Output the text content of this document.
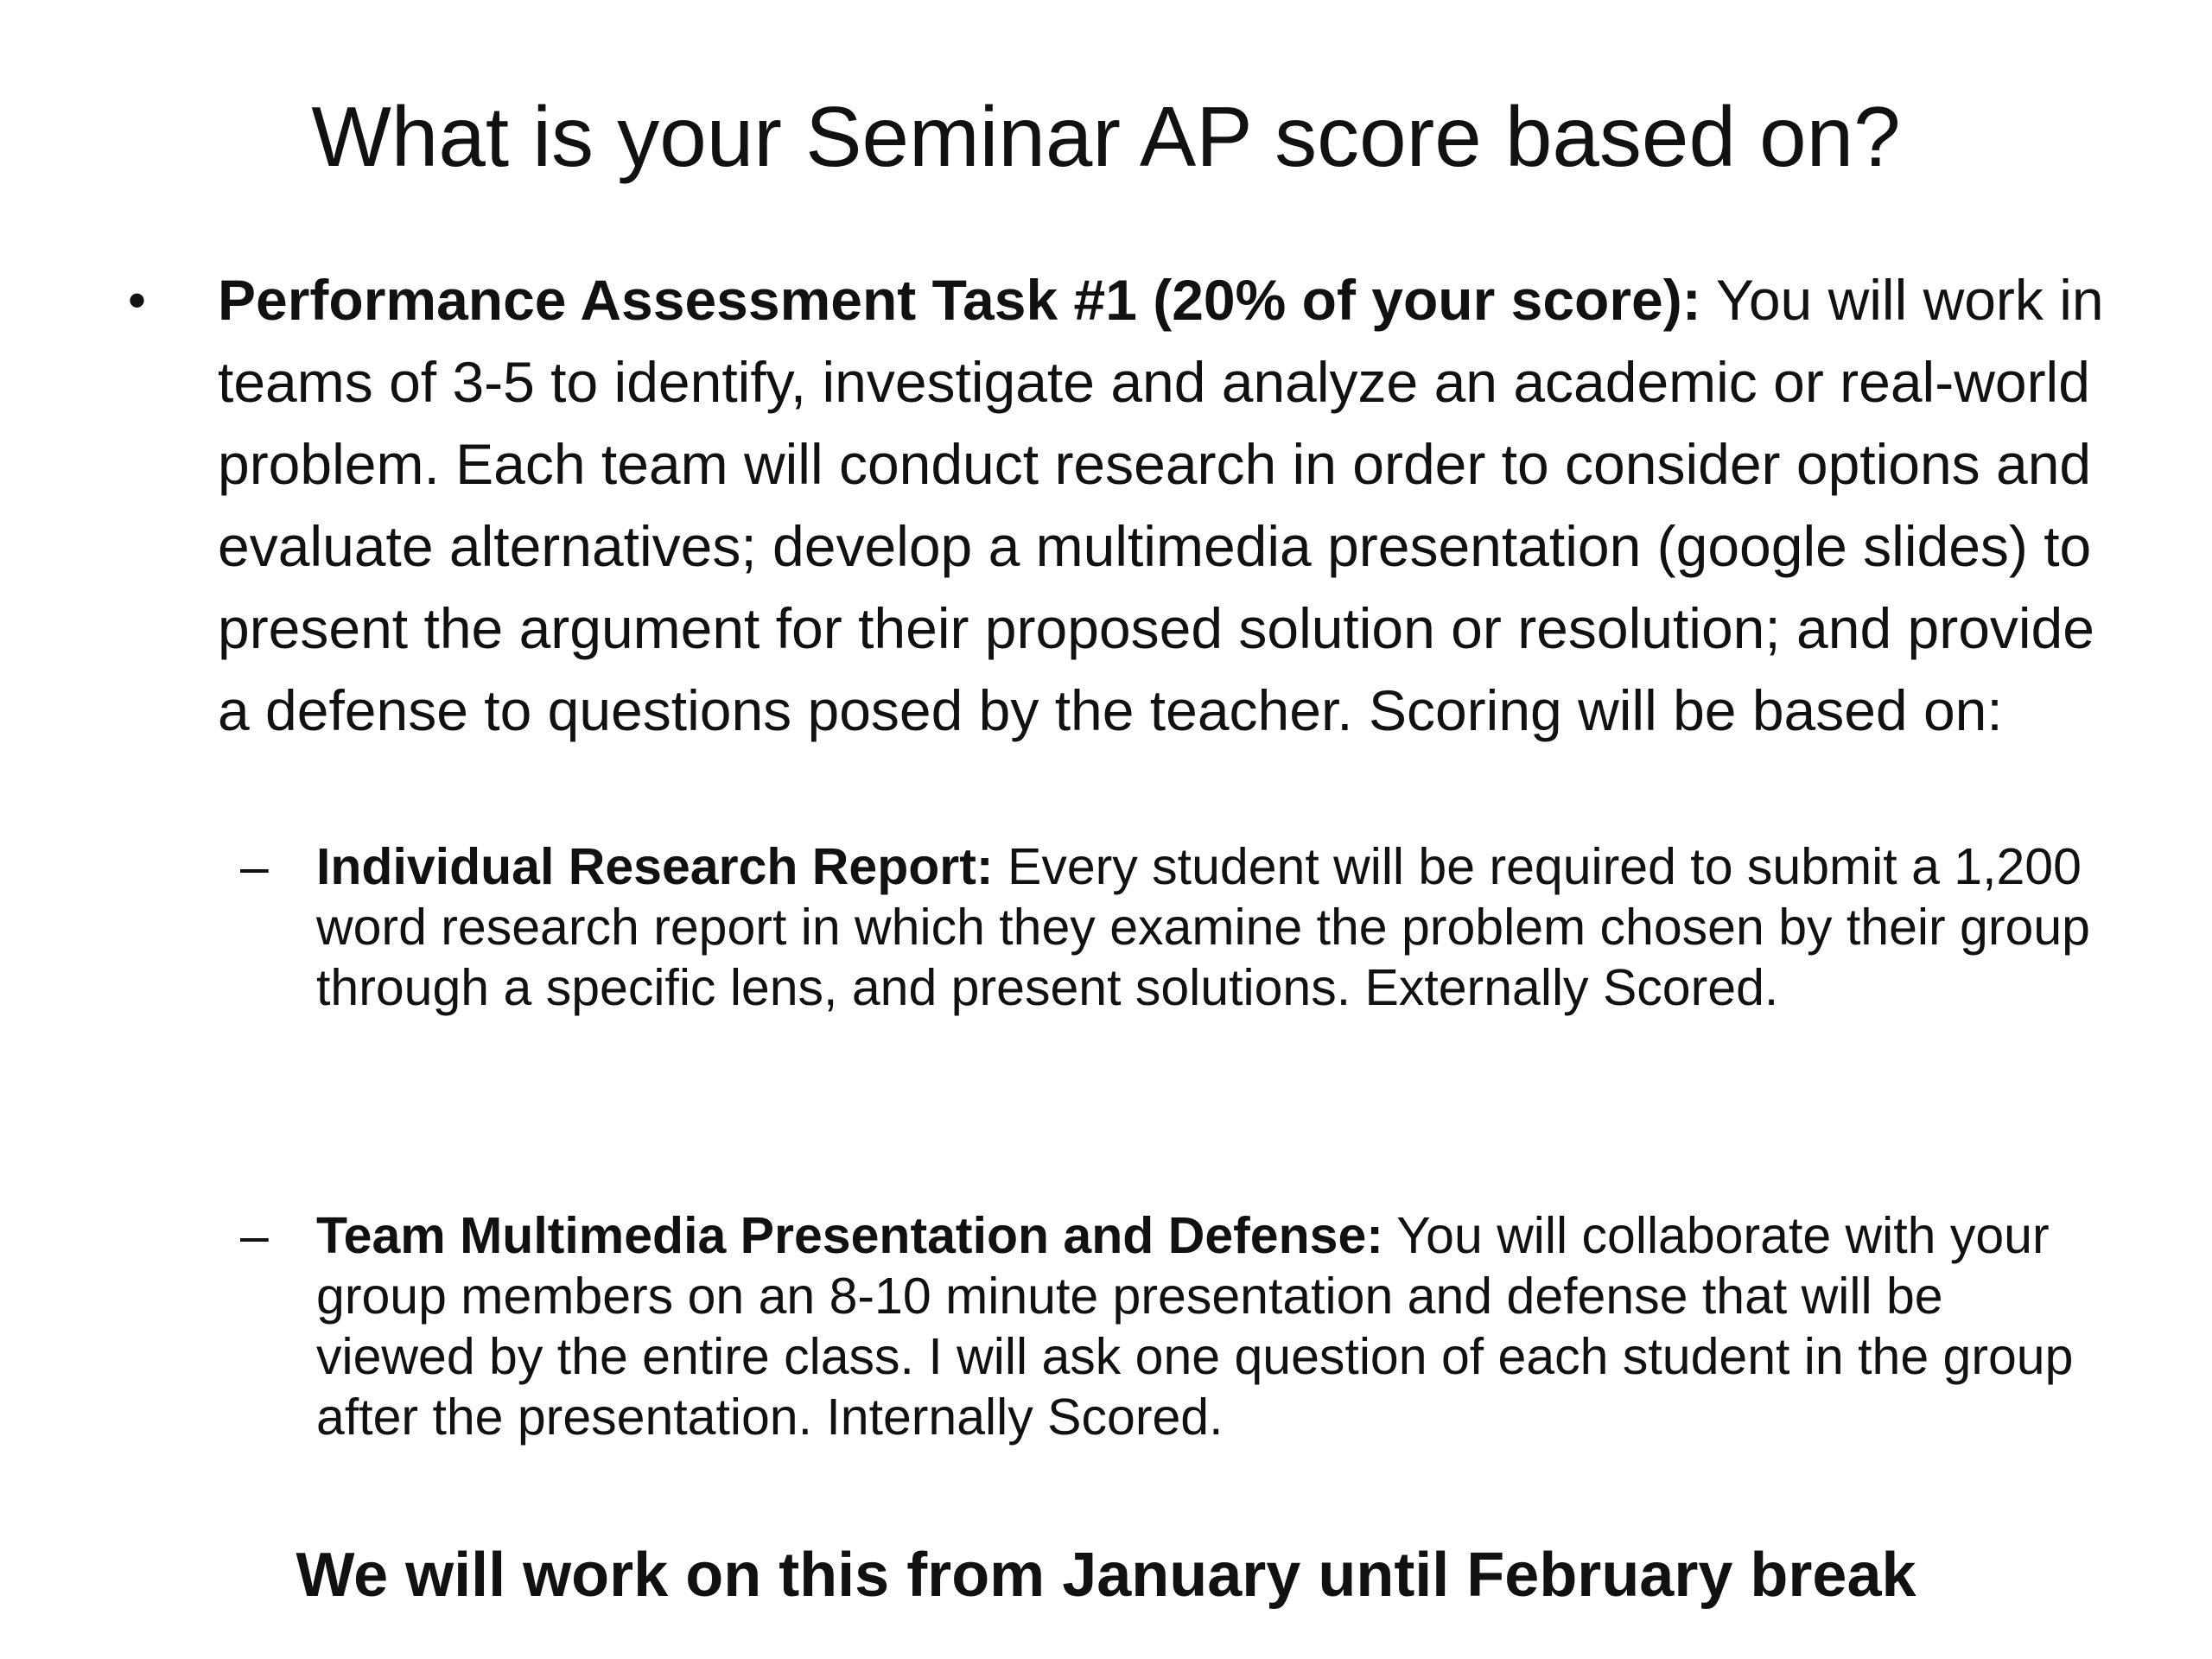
What is your Seminar AP score based on?
•	Performance Assessment Task #1 (20% of your score): You will work in teams of 3-5 to identify, investigate and analyze an academic or real-world problem. Each team will conduct research in order to consider options and evaluate alternatives; develop a multimedia presentation (google slides) to present the argument for their proposed solution or resolution; and provide a defense to questions posed by the teacher. Scoring will be based on:
– Individual Research Report: Every student will be required to submit a 1,200 word research report in which they examine the problem chosen by their group through a specific lens, and present solutions. Externally Scored.
– Team Multimedia Presentation and Defense: You will collaborate with your group members on an 8-10 minute presentation and defense that will be viewed by the entire class. I will ask one question of each student in the group after the presentation. Internally Scored.
We will work on this from January until February break
